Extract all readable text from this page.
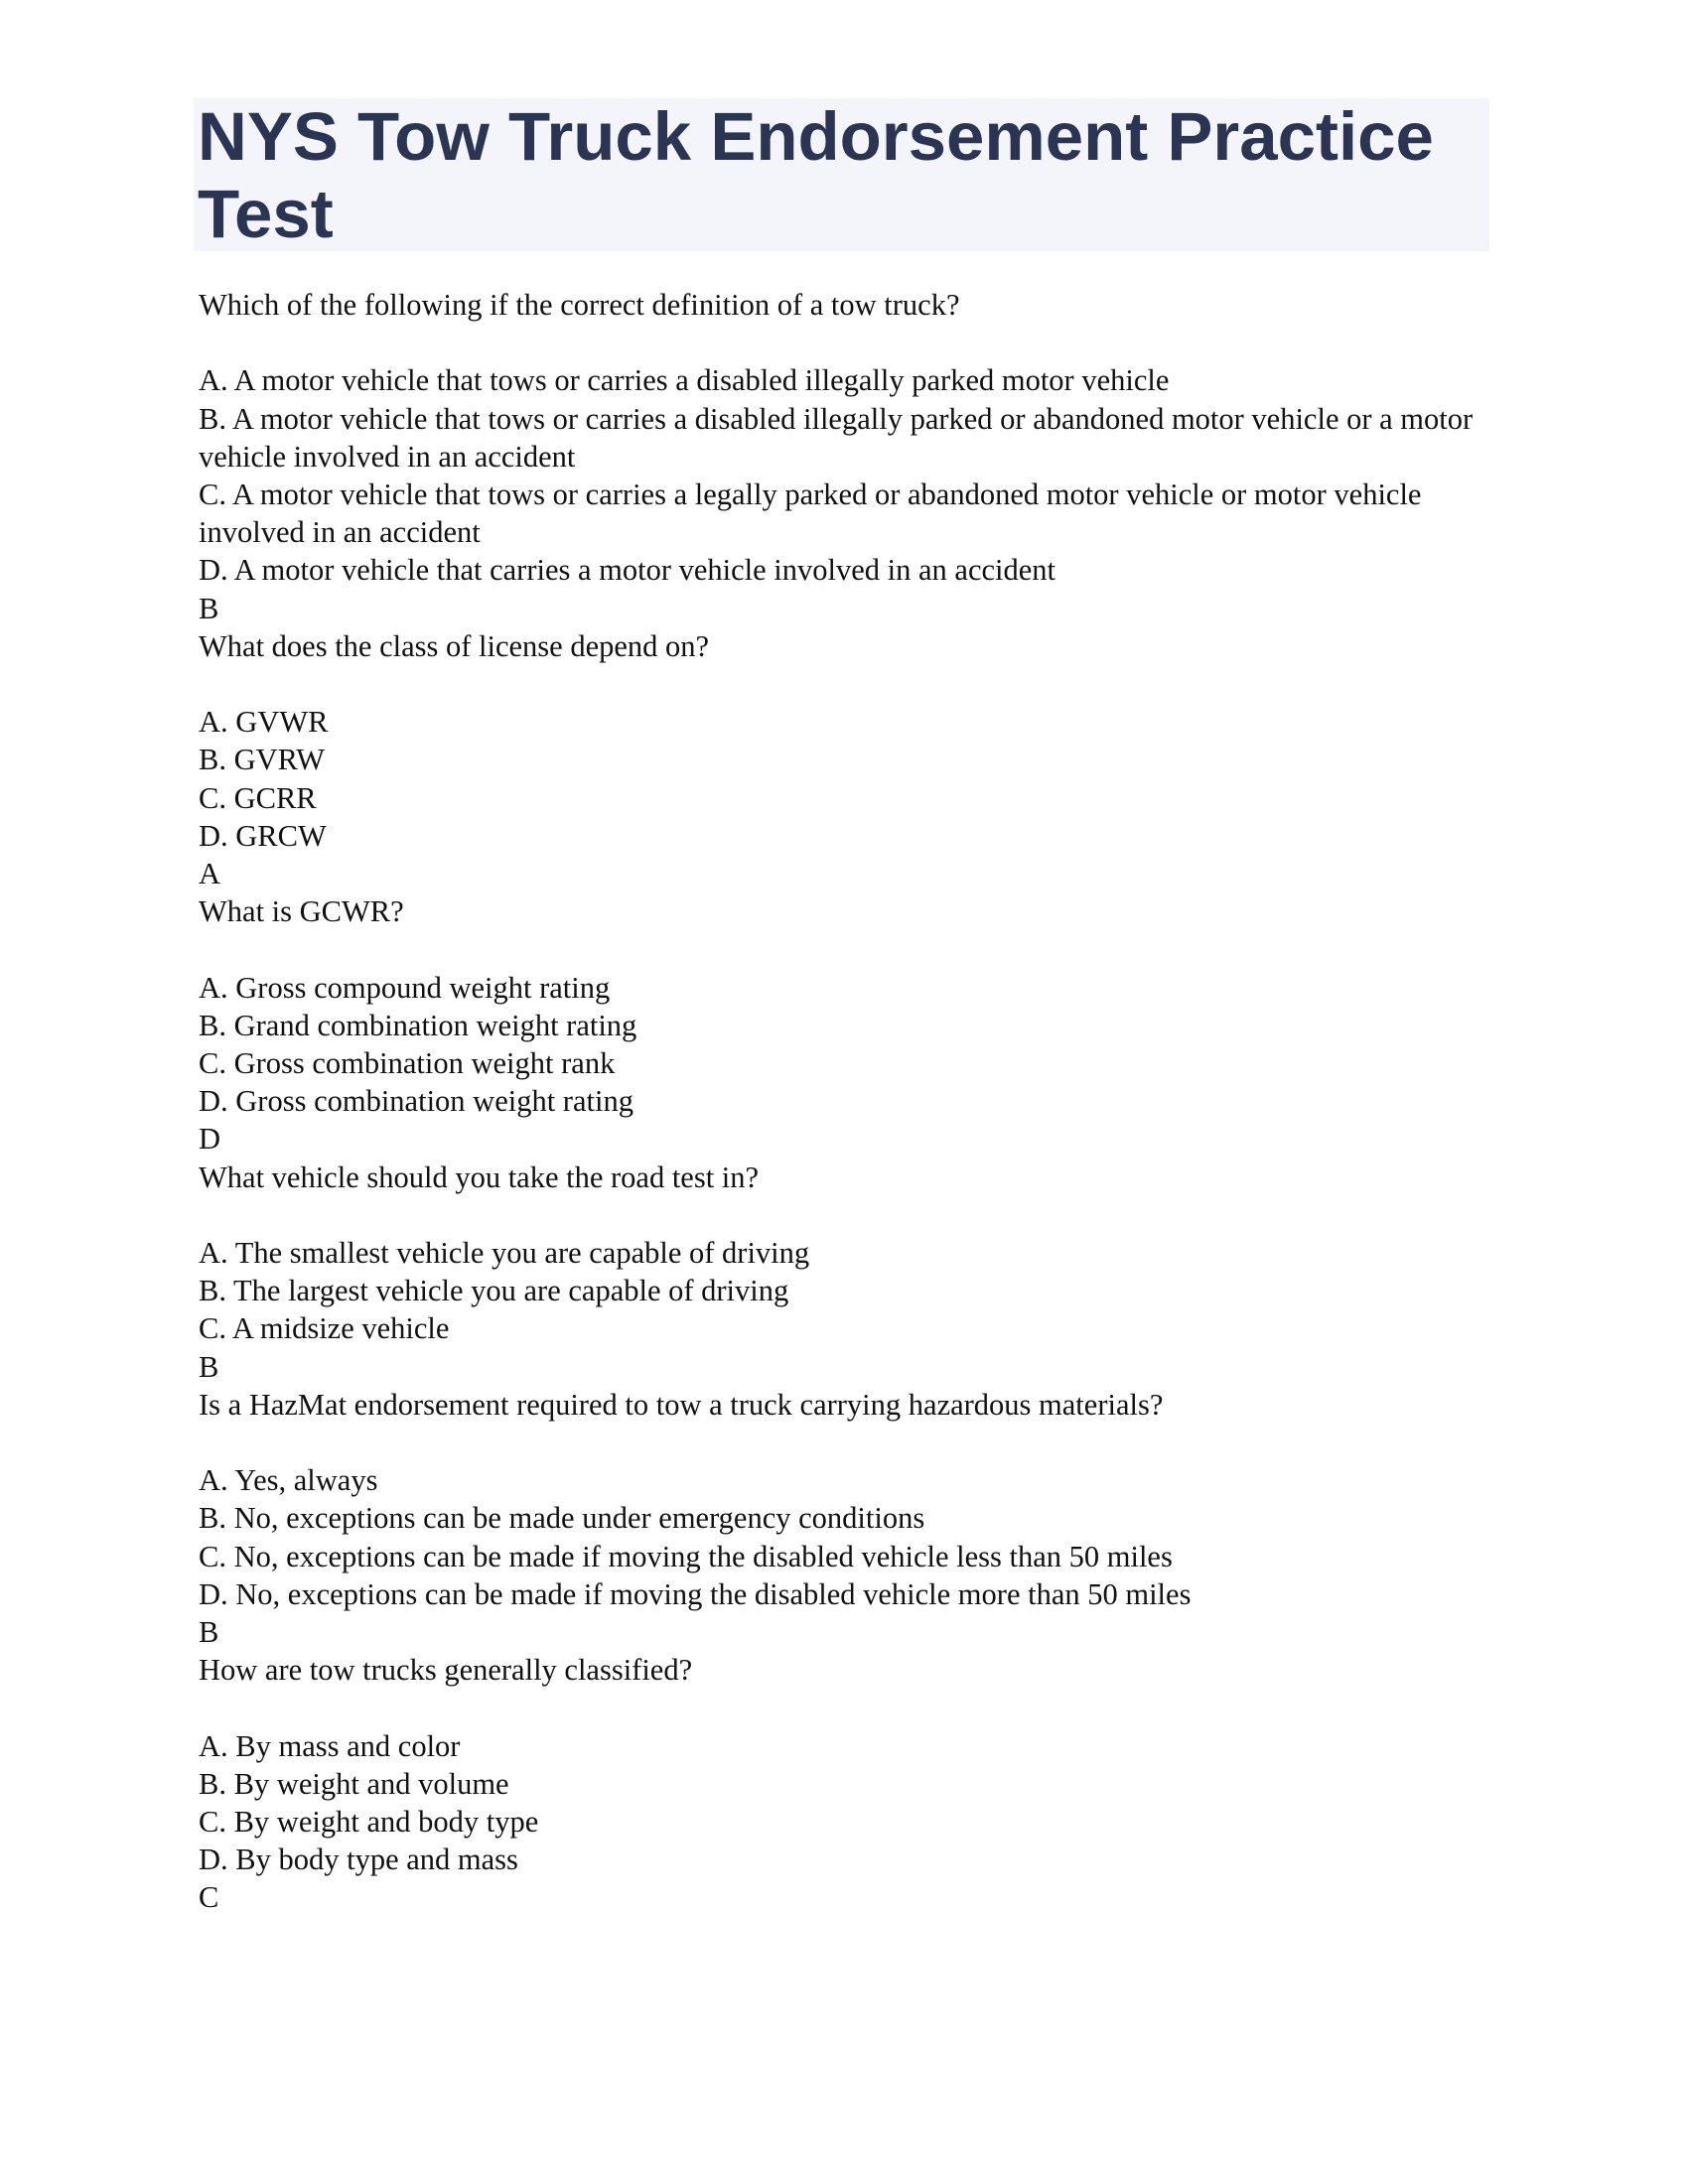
NYS Tow Truck Endorsement Practice Test
Which of the following if the correct definition of a tow truck?
A. A motor vehicle that tows or carries a disabled illegally parked motor vehicle
B. A motor vehicle that tows or carries a disabled illegally parked or abandoned motor vehicle or a motor vehicle involved in an accident
C. A motor vehicle that tows or carries a legally parked or abandoned motor vehicle or motor vehicle involved in an accident
D. A motor vehicle that carries a motor vehicle involved in an accident
B
What does the class of license depend on?
A. GVWR
B. GVRW
C. GCRR
D. GRCW
A
What is GCWR?
A. Gross compound weight rating
B. Grand combination weight rating
C. Gross combination weight rank
D. Gross combination weight rating
D
What vehicle should you take the road test in?
A. The smallest vehicle you are capable of driving
B. The largest vehicle you are capable of driving
C. A midsize vehicle
B
Is a HazMat endorsement required to tow a truck carrying hazardous materials?
A. Yes, always
B. No, exceptions can be made under emergency conditions
C. No, exceptions can be made if moving the disabled vehicle less than 50 miles
D. No, exceptions can be made if moving the disabled vehicle more than 50 miles
B
How are tow trucks generally classified?
A. By mass and color
B. By weight and volume
C. By weight and body type
D. By body type and mass
C
